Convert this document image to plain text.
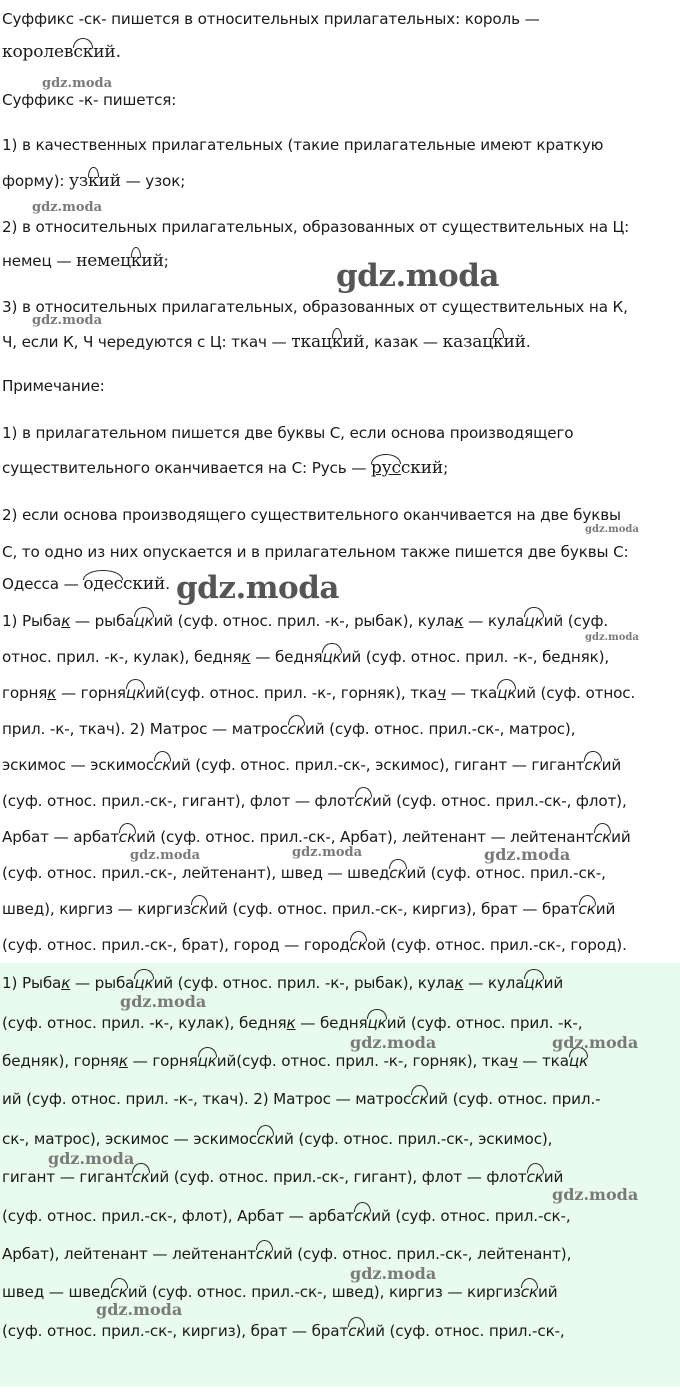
Суффикс -ск- пишется в относительных прилагательных: король —
королевский.
Суффикс -к- пишется:
1) в качественных прилагательных (такие прилагательные имеют краткую
форму): узкий — узок;
2) в относительных прилагательных, образованных от существительных на Ц:
немец — немецкий;
3) в относительных прилагательных, образованных от существительных на К,
Ч, если К, Ч чередуются с Ц: ткач — ткацкий, казак — казацкий.
Примечание:
1) в прилагательном пишется две буквы С, если основа производящего
существительного оканчивается на С: Русь — русский;
2) если основа производящего существительного оканчивается на две буквы
С, то одно из них опускается и в прилагательном также пишется две буквы С:
Одесса — одесский.
1) Рыбак — рыбацкий (суф. относ. прил. -к-, рыбак), кулак — кулацкий (суф.
относ. прил. -к-, кулак), бедняк — бедняцкий (суф. относ. прил. -к-, бедняк),
горняк — горняцкий(суф. относ. прил. -к-, горняк), ткач — ткацкий (суф. относ.
прил. -к-, ткач). 2) Матрос — матросский (суф. относ. прил.-ск-, матрос),
эскимос — эскимосский (суф. относ. прил.-ск-, эскимос), гигант — гигантский
(суф. относ. прил.-ск-, гигант), флот — флотский (суф. относ. прил.-ск-, флот),
Арбат — арбатский (суф. относ. прил.-ск-, Арбат), лейтенант — лейтенантский
(суф. относ. прил.-ск-, лейтенант), швед — шведский (суф. относ. прил.-ск-,
швед), киргиз — киргизский (суф. относ. прил.-ск-, киргиз), брат — братский
(суф. относ. прил.-ск-, брат), город — городской (суф. относ. прил.-ск-, город).
1) Рыбак — рыбацкий (суф. относ. прил. -к-, рыбак), кулак — кулацкий
(суф. относ. прил. -к-, кулак), бедняк — бедняцкий (суф. относ. прил. -к-,
бедняк), горняк — горняцкий(суф. относ. прил. -к-, горняк), ткач — ткацк
ий (суф. относ. прил. -к-, ткач). 2) Матрос — матросский (суф. относ. прил.-
ск-, матрос), эскимос — эскимосский (суф. относ. прил.-ск-, эскимос),
гигант — гигантский (суф. относ. прил.-ск-, гигант), флот — флотский
(суф. относ. прил.-ск-, флот), Арбат — арбатский (суф. относ. прил.-ск-,
Арбат), лейтенант — лейтенантский (суф. относ. прил.-ск-, лейтенант),
швед — шведский (суф. относ. прил.-ск-, швед), киргиз — киргизский
(суф. относ. прил.-ск-, киргиз), брат — братский (суф. относ. прил.-ск-,
gdz.moda
gdz.moda
gdz.moda
gdz.moda
gdz.moda
gdz.moda
gdz.moda
gdz.moda	gdz.moda	gdz.moda
gdz.moda
gdz.moda	gdz.moda
gdz.moda
gdz.moda
gdz.moda
gdz.moda
